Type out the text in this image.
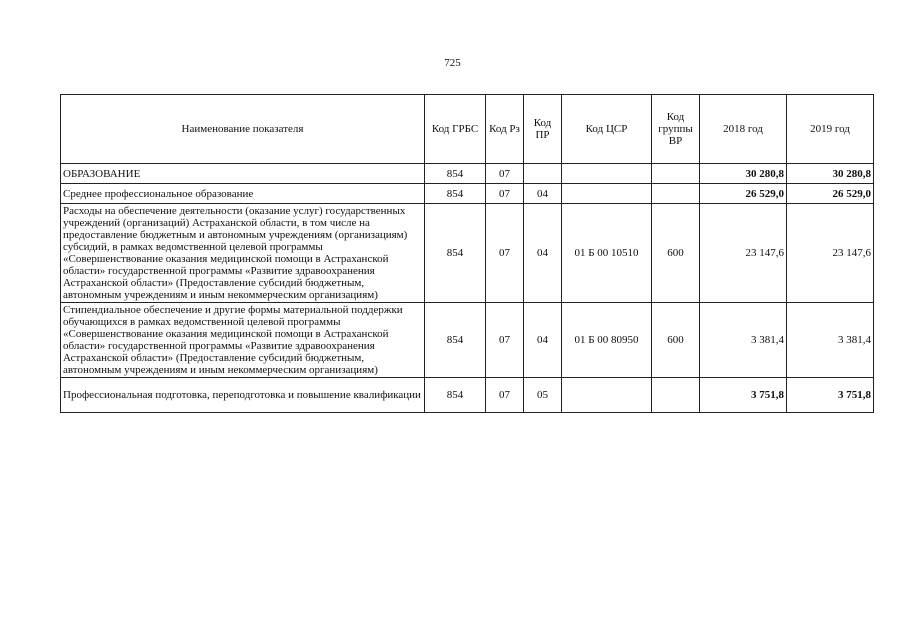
725
Наименование показателя	Код ГРБС	Код Рз	Код ПР	Код ЦСР	Код группы ВР	2018 год	2019 год
ОБРАЗОВАНИЕ	854	07				30 280,8	30 280,8
Среднее профессиональное образование	854	07	04			26 529,0	26 529,0
Расходы на обеспечение деятельности (оказание услуг) государственных учреждений (организаций) Астраханской области, в том числе на предоставление бюджетным и автономным учреждениям (организациям) субсидий, в рамках ведомственной целевой программы «Совершенствование оказания медицинской помощи в Астраханской области» государственной программы «Развитие здравоохранения Астраханской области» (Предоставление субсидий бюджетным, автономным учреждениям и иным некоммерческим организациям)	854	07	04	01 Б 00 10510	600	23 147,6	23 147,6
Стипендиальное обеспечение и другие формы материальной поддержки обучающихся в рамках ведомственной целевой программы «Совершенствование оказания медицинской помощи в Астраханской области» государственной программы «Развитие здравоохранения Астраханской области» (Предоставление субсидий бюджетным, автономным учреждениям и иным некоммерческим организациям)	854	07	04	01 Б 00 80950	600	3 381,4	3 381,4
Профессиональная подготовка, переподготовка и повышение квалификации	854	07	05			3 751,8	3 751,8
